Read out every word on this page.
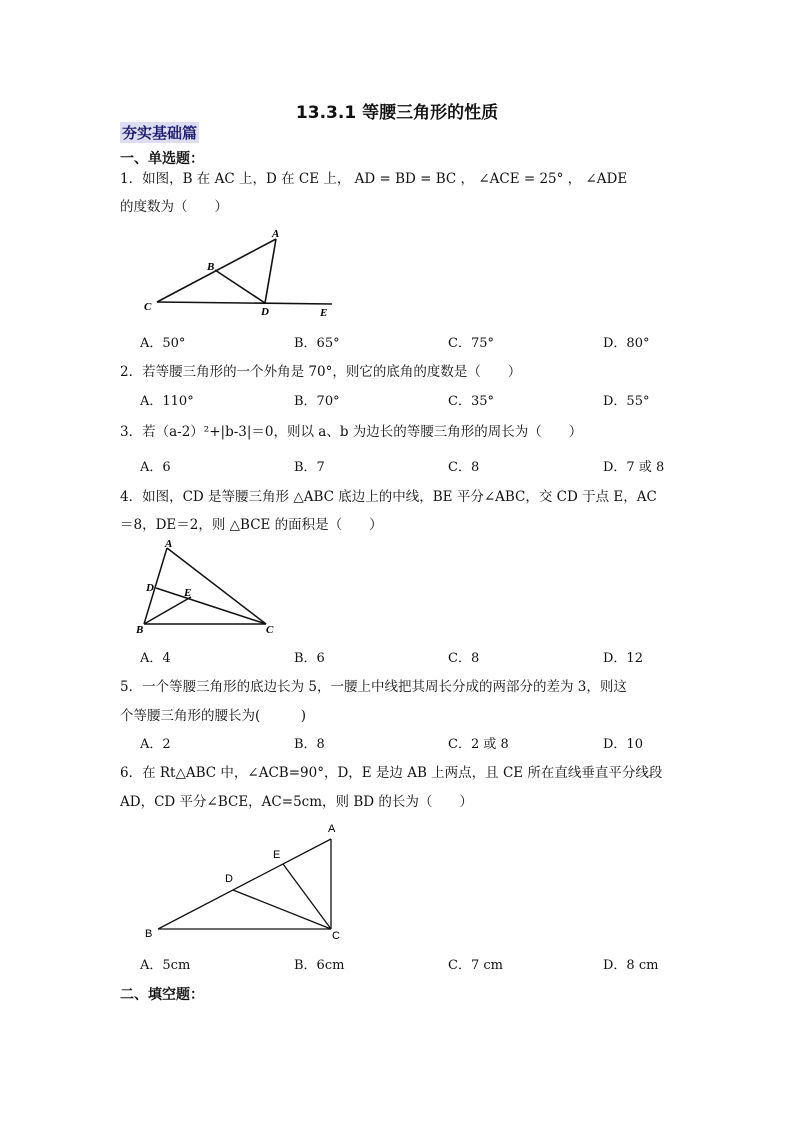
13.3.1 等腰三角形的性质
夯实基础篇
一、单选题：
1．如图，B 在 AC 上，D 在 CE 上， AD = BD = BC ， ∠ACE = 25° ， ∠ADE
的度数为（　　）
A
B
C	D	E
A．50°	B．65°	C．75°	D．80°
2．若等腰三角形的一个外角是 70°，则它的底角的度数是（　　）
A．110°	B．70°	C．35°	D．55°
3．若（a-2）²+|b-3|＝0，则以 a、b 为边长的等腰三角形的周长为（　　）
A．6	B．7	C．8	D．7 或 8
4．如图，CD 是等腰三角形 △ABC 底边上的中线，BE 平分∠ABC，交 CD 于点 E，AC
＝8，DE＝2，则 △BCE 的面积是（　　）
A
D	E
B	C
A．4	B．6	C．8	D．12
5．一个等腰三角形的底边长为 5，一腰上中线把其周长分成的两部分的差为 3，则这
个等腰三角形的腰长为(　　　)
A．2	B．8	C．2 或 8	D．10
6．在 Rt△ABC 中，∠ACB=90°，D，E 是边 AB 上两点，且 CE 所在直线垂直平分线段
AD，CD 平分∠BCE，AC=5cm，则 BD 的长为（　　）
A
E
D
B	C
A．5cm	B．6cm	C．7 cm	D．8 cm
二、填空题：
